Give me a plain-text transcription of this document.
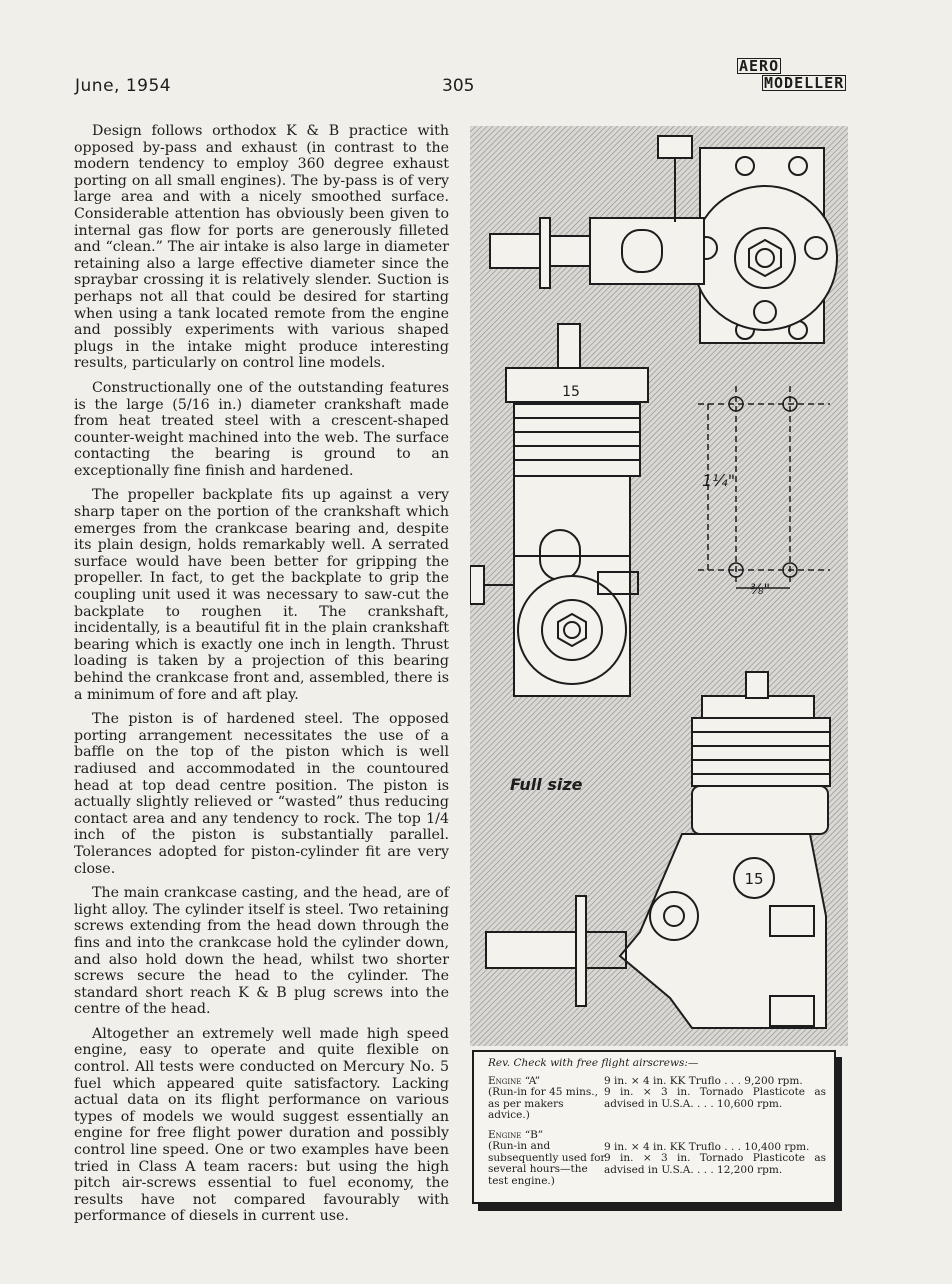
June, 1954	305
AERO
MODELLER

Design follows orthodox K & B practice with opposed by-pass and exhaust (in contrast to the modern tendency to employ 360 degree exhaust porting on all small engines). The by-pass is of very large area and with a nicely smoothed surface. Considerable attention has obviously been given to internal gas flow for ports are generously filleted and “clean.” The air intake is also large in diameter retaining also a large effective diameter since the spraybar crossing it is relatively slender. Suction is perhaps not all that could be desired for starting when using a tank located remote from the engine and possibly experiments with various shaped plugs in the intake might produce interesting results, particularly on control line models.

Constructionally one of the outstanding features is the large (5/16 in.) diameter crankshaft made from heat treated steel with a crescent-shaped counter-weight machined into the web. The surface contacting the bearing is ground to an exceptionally fine finish and hardened.

The propeller backplate fits up against a very sharp taper on the portion of the crankshaft which emerges from the crankcase bearing and, despite its plain design, holds remarkably well. A serrated surface would have been better for gripping the propeller. In fact, to get the backplate to grip the coupling unit used it was necessary to saw-cut the backplate to roughen it. The crankshaft, incidentally, is a beautiful fit in the plain crankshaft bearing which is exactly one inch in length. Thrust loading is taken by a projection of this bearing behind the crankcase front and, assembled, there is a minimum of fore and aft play.

The piston is of hardened steel. The opposed porting arrangement necessitates the use of a baffle on the top of the piston which is well radiused and accommodated in the countoured head at top dead centre position. The piston is actually slightly relieved or “wasted” thus reducing contact area and any tendency to rock. The top 1/4 inch of the piston is substantially parallel. Tolerances adopted for piston-cylinder fit are very close.

The main crankcase casting, and the head, are of light alloy. The cylinder itself is steel. Two retaining screws extending from the head down through the fins and into the crankcase hold the cylinder down, and also hold down the head, whilst two shorter screws secure the head to the cylinder. The standard short reach K & B plug screws into the centre of the head.

Altogether an extremely well made high speed engine, easy to operate and quite flexible on control. All tests were conducted on Mercury No. 5 fuel which appeared quite satisfactory. Lacking actual data on its flight performance on various types of models we would suggest essentially an engine for free flight power duration and possibly control line speed. One or two examples have been tried in Class A team racers: but using the high pitch air-screws essential to fuel economy, the results have not compared favourably with performance of diesels in current use.

15
1¼"
⅜"
15
Full size
Rev. Check with free flight airscrews:—
Engine “A”
(Run-in for 45 mins., as per makers advice.)
9 in. × 4 in. KK Truflo . . . 9,200 rpm.
9 in. × 3 in. Tornado Plasticote as advised in U.S.A. . . . 10,600 rpm.
Engine “B”
(Run-in and subsequently used for several hours—the test engine.)
9 in. × 4 in. KK Truflo . . . 10,400 rpm.
9 in. × 3 in. Tornado Plasticote as advised in U.S.A. . . . 12,200 rpm.
